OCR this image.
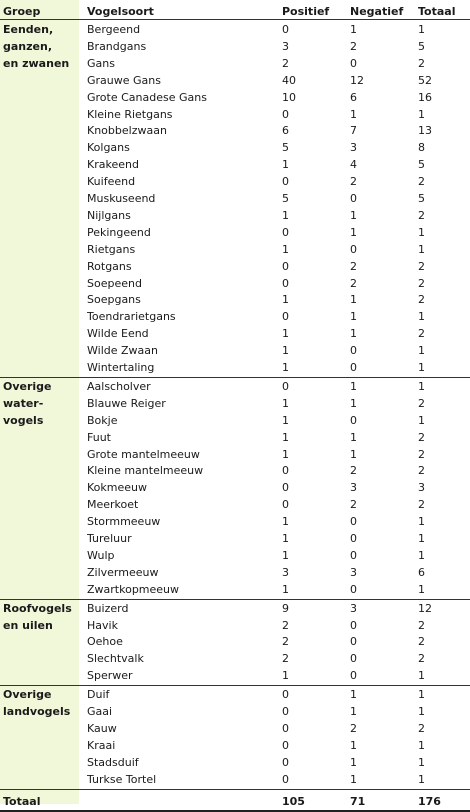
Groep	Vogelsoort	Positief Negatief Totaal
Eenden,
ganzen,
en zwanen
Bergeend	0	1	1
Brandgans	3	2	5
Gans	2	0	2
Grauwe Gans	40	12	52
Grote Canadese Gans	10	6	16
Kleine Rietgans	0	1	1
Knobbelzwaan	6	7	13
Kolgans	5	3	8
Krakeend	1	4	5
Kuifeend	0	2	2
Muskuseend	5	0	5
Nijlgans	1	1	2
Pekingeend	0	1	1
Rietgans	1	0	1
Rotgans	0	2	2
Soepeend	0	2	2
Soepgans	1	1	2
Toendrarietgans	0	1	1
Wilde Eend	1	1	2
Wilde Zwaan	1	0	1
Wintertaling	1	0	1
Overige
water-
vogels
Aalscholver	0	1	1
Blauwe Reiger	1	1	2
Bokje	1	0	1
Fuut	1	1	2
Grote mantelmeeuw	1	1	2
Kleine mantelmeeuw	0	2	2
Kokmeeuw	0	3	3
Meerkoet	0	2	2
Stormmeeuw	1	0	1
Tureluur	1	0	1
Wulp	1	0	1
Zilvermeeuw	3	3	6
Zwartkopmeeuw	1	0	1
Roofvogels
en uilen
Buizerd	9	3	12
Havik	2	0	2
Oehoe	2	0	2
Slechtvalk	2	0	2
Sperwer	1	0	1
Overige
landvogels
Duif	0	1	1
Gaai	0	1	1
Kauw	0	2	2
Kraai	0	1	1
Stadsduif	0	1	1
Turkse Tortel	0	1	1
Totaal	105	71	176
